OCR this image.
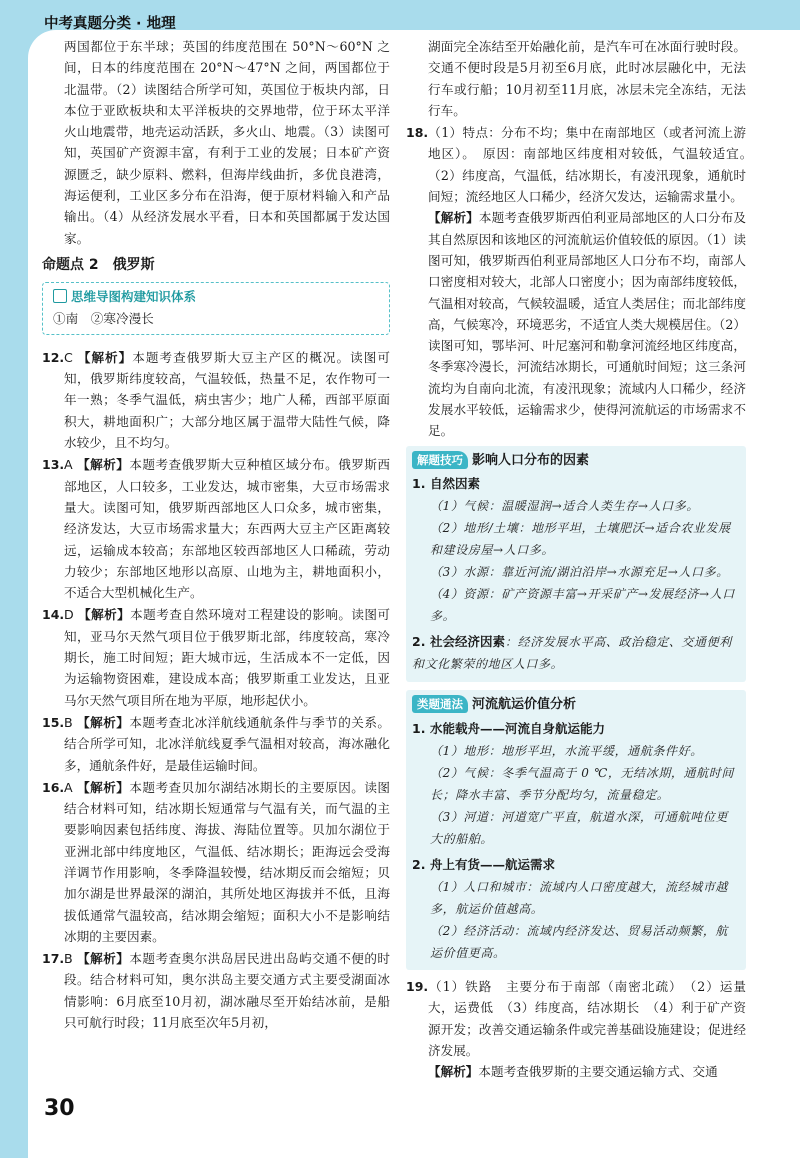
中考真题分类 · 地理

两国都位于东半球；英国的纬度范围在 50°N～60°N 之间，日本的纬度范围在 20°N～47°N 之间，两国都位于北温带。（2）读图结合所学可知，英国位于板块内部，日本位于亚欧板块和太平洋板块的交界地带，位于环太平洋火山地震带，地壳运动活跃，多火山、地震。（3）读图可知，英国矿产资源丰富，有利于工业的发展；日本矿产资源匮乏，缺少原料、燃料，但海岸线曲折，多优良港湾，海运便利，工业区多分布在沿海，便于原材料输入和产品输出。（4）从经济发展水平看，日本和英国都属于发达国家。

命题点 2　俄罗斯
思维导图构建知识体系
①南　②寒冷漫长

12.C 【解析】本题考查俄罗斯大豆主产区的概况。读图可知，俄罗斯纬度较高，气温较低，热量不足，农作物可一年一熟；冬季气温低，病虫害少；地广人稀，西部平原面积大，耕地面积广；大部分地区属于温带大陆性气候，降水较少，且不均匀。

13.A 【解析】本题考查俄罗斯大豆种植区域分布。俄罗斯西部地区，人口较多，工业发达，城市密集，大豆市场需求量大。读图可知，俄罗斯西部地区人口众多，城市密集，经济发达，大豆市场需求量大；东西两大豆主产区距离较远，运输成本较高；东部地区较西部地区人口稀疏，劳动力较少；东部地区地形以高原、山地为主，耕地面积小，不适合大型机械化生产。

14.D 【解析】本题考查自然环境对工程建设的影响。读图可知，亚马尔天然气项目位于俄罗斯北部，纬度较高，寒冷期长，施工时间短；距大城市远，生活成本不一定低，因为运输物资困难，建设成本高；俄罗斯重工业发达，且亚马尔天然气项目所在地为平原，地形起伏小。

15.B 【解析】本题考查北冰洋航线通航条件与季节的关系。结合所学可知，北冰洋航线夏季气温相对较高，海冰融化多，通航条件好，是最佳运输时间。

16.A 【解析】本题考查贝加尔湖结冰期长的主要原因。读图结合材料可知，结冰期长短通常与气温有关，而气温的主要影响因素包括纬度、海拔、海陆位置等。贝加尔湖位于亚洲北部中纬度地区，气温低、结冰期长；距海远会受海洋调节作用影响，冬季降温较慢，结冰期反而会缩短；贝加尔湖是世界最深的湖泊，其所处地区海拔并不低，且海拔低通常气温较高，结冰期会缩短；面积大小不是影响结冰期的主要因素。

17.B 【解析】本题考查奥尔洪岛居民进出岛屿交通不便的时段。结合材料可知，奥尔洪岛主要交通方式主要受湖面冰情影响：6月底至10月初，湖冰融尽至开始结冰前，是船只可航行时段；11月底至次年5月初，

湖面完全冻结至开始融化前，是汽车可在冰面行驶时段。交通不便时段是5月初至6月底，此时冰层融化中，无法行车或行船；10月初至11月底，冰层未完全冻结，无法行车。

18.（1）特点：分布不均；集中在南部地区（或者河流上游地区）。　原因：南部地区纬度相对较低，气温较适宜。　（2）纬度高，气温低，结冰期长，有凌汛现象，通航时间短；流经地区人口稀少，经济欠发达，运输需求量小。

【解析】本题考查俄罗斯西伯利亚局部地区的人口分布及其自然原因和该地区的河流航运价值较低的原因。（1）读图可知，俄罗斯西伯利亚局部地区人口分布不均，南部人口密度相对较大，北部人口密度小；因为南部纬度较低，气温相对较高，气候较温暖，适宜人类居住；而北部纬度高，气候寒冷，环境恶劣，不适宜人类大规模居住。（2）读图可知，鄂毕河、叶尼塞河和勒拿河流经地区纬度高，冬季寒冷漫长，河流结冰期长，可通航时间短；这三条河流均为自南向北流，有凌汛现象；流域内人口稀少，经济发展水平较低，运输需求少，使得河流航运的市场需求不足。

解题技巧 影响人口分布的因素
1. 自然因素
（1）气候：温暖湿润→适合人类生存→人口多。
（2）地形/土壤：地形平坦，土壤肥沃→适合农业发展和建设房屋→人口多。
（3）水源：靠近河流/湖泊沿岸→水源充足→人口多。
（4）资源：矿产资源丰富→开采矿产→发展经济→人口多。
2. 社会经济因素：经济发展水平高、政治稳定、交通便利和文化繁荣的地区人口多。
类题通法 河流航运价值分析
1. 水能载舟——河流自身航运能力
（1）地形：地形平坦，水流平缓，通航条件好。
（2）气候：冬季气温高于 0 ℃，无结冰期，通航时间长；降水丰富、季节分配均匀，流量稳定。
（3）河道：河道宽广平直，航道水深，可通航吨位更大的船舶。
2. 舟上有货——航运需求
（1）人口和城市：流域内人口密度越大，流经城市越多，航运价值越高。
（2）经济活动：流域内经济发达、贸易活动频繁，航运价值更高。

19.（1）铁路　主要分布于南部（南密北疏）　（2）运量大，运费低　（3）纬度高，结冰期长　（4）利于矿产资源开发；改善交通运输条件或完善基础设施建设；促进经济发展。

【解析】本题考查俄罗斯的主要交通运输方式、交通

30
